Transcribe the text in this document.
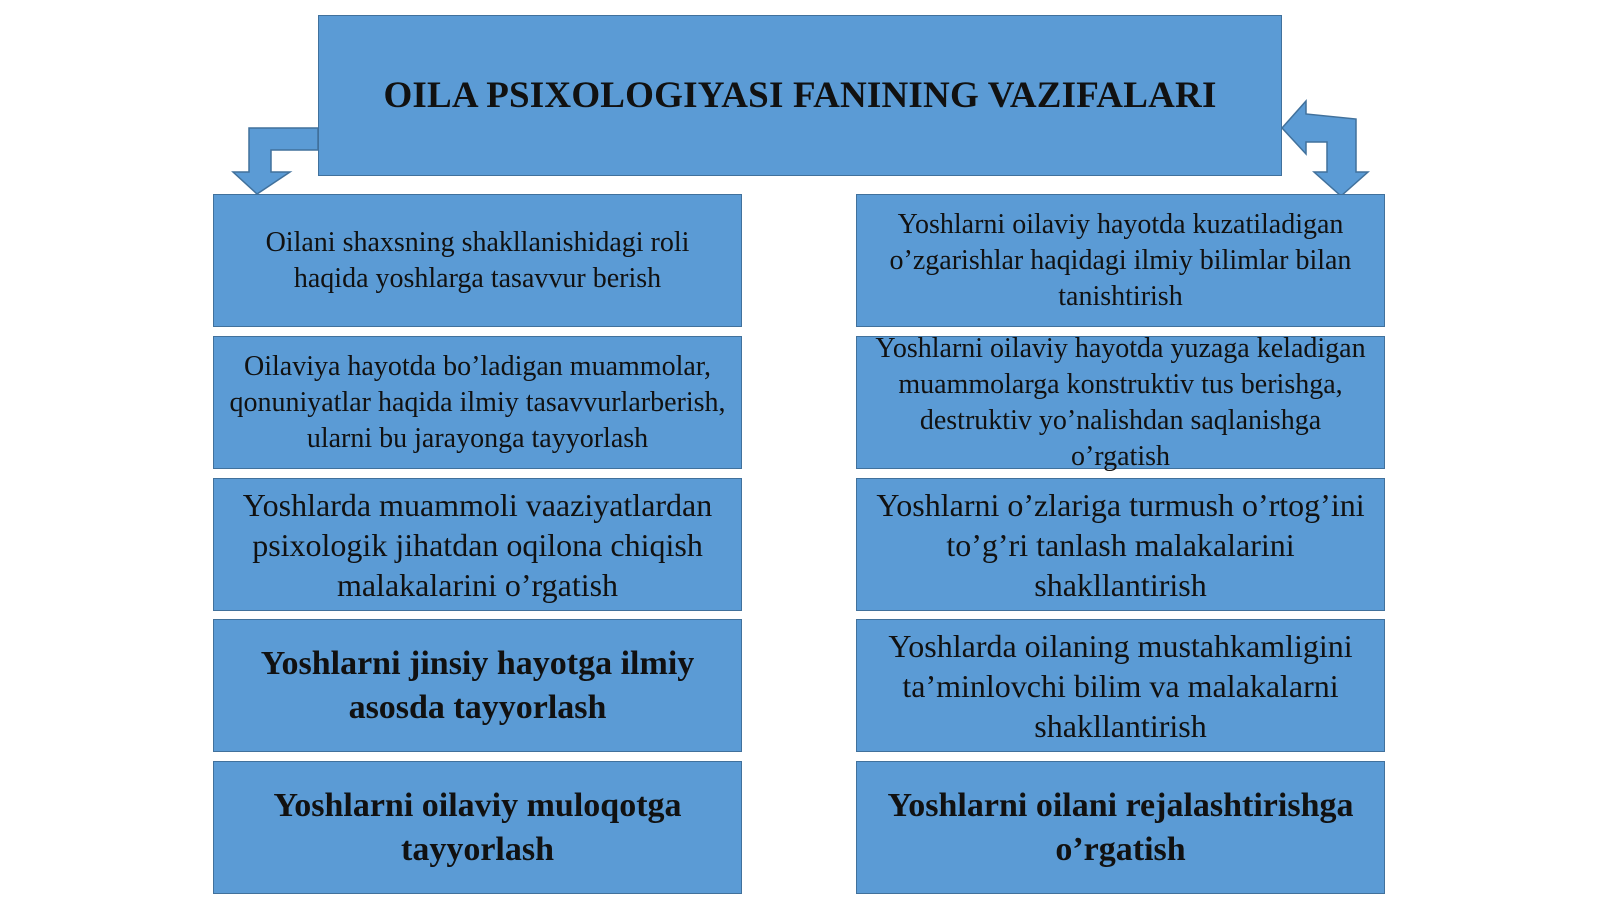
OILA PSIXOLOGIYASI FANINING VAZIFALARI
Oilani shaxsning shakllanishidagi roli haqida yoshlarga tasavvur berish
Oilaviya hayotda bo’ladigan muammolar, qonuniyatlar haqida ilmiy tasavvurlarberish, ularni bu jarayonga tayyorlash
Yoshlarda muammoli vaaziyatlardan psixologik jihatdan oqilona chiqish malakalarini o’rgatish
Yoshlarni jinsiy hayotga ilmiy asosda tayyorlash
Yoshlarni oilaviy muloqotga tayyorlash
Yoshlarni oilaviy hayotda kuzatiladigan o’zgarishlar haqidagi ilmiy bilimlar bilan tanishtirish
Yoshlarni oilaviy hayotda yuzaga keladigan muammolarga konstruktiv tus berishga, destruktiv yo’nalishdan saqlanishga o’rgatish
Yoshlarni o’zlariga turmush o’rtog’ini to’g’ri tanlash malakalarini shakllantirish
Yoshlarda oilaning mustahkamligini ta’minlovchi bilim va malakalarni shakllantirish
Yoshlarni oilani rejalashtirishga o’rgatish
